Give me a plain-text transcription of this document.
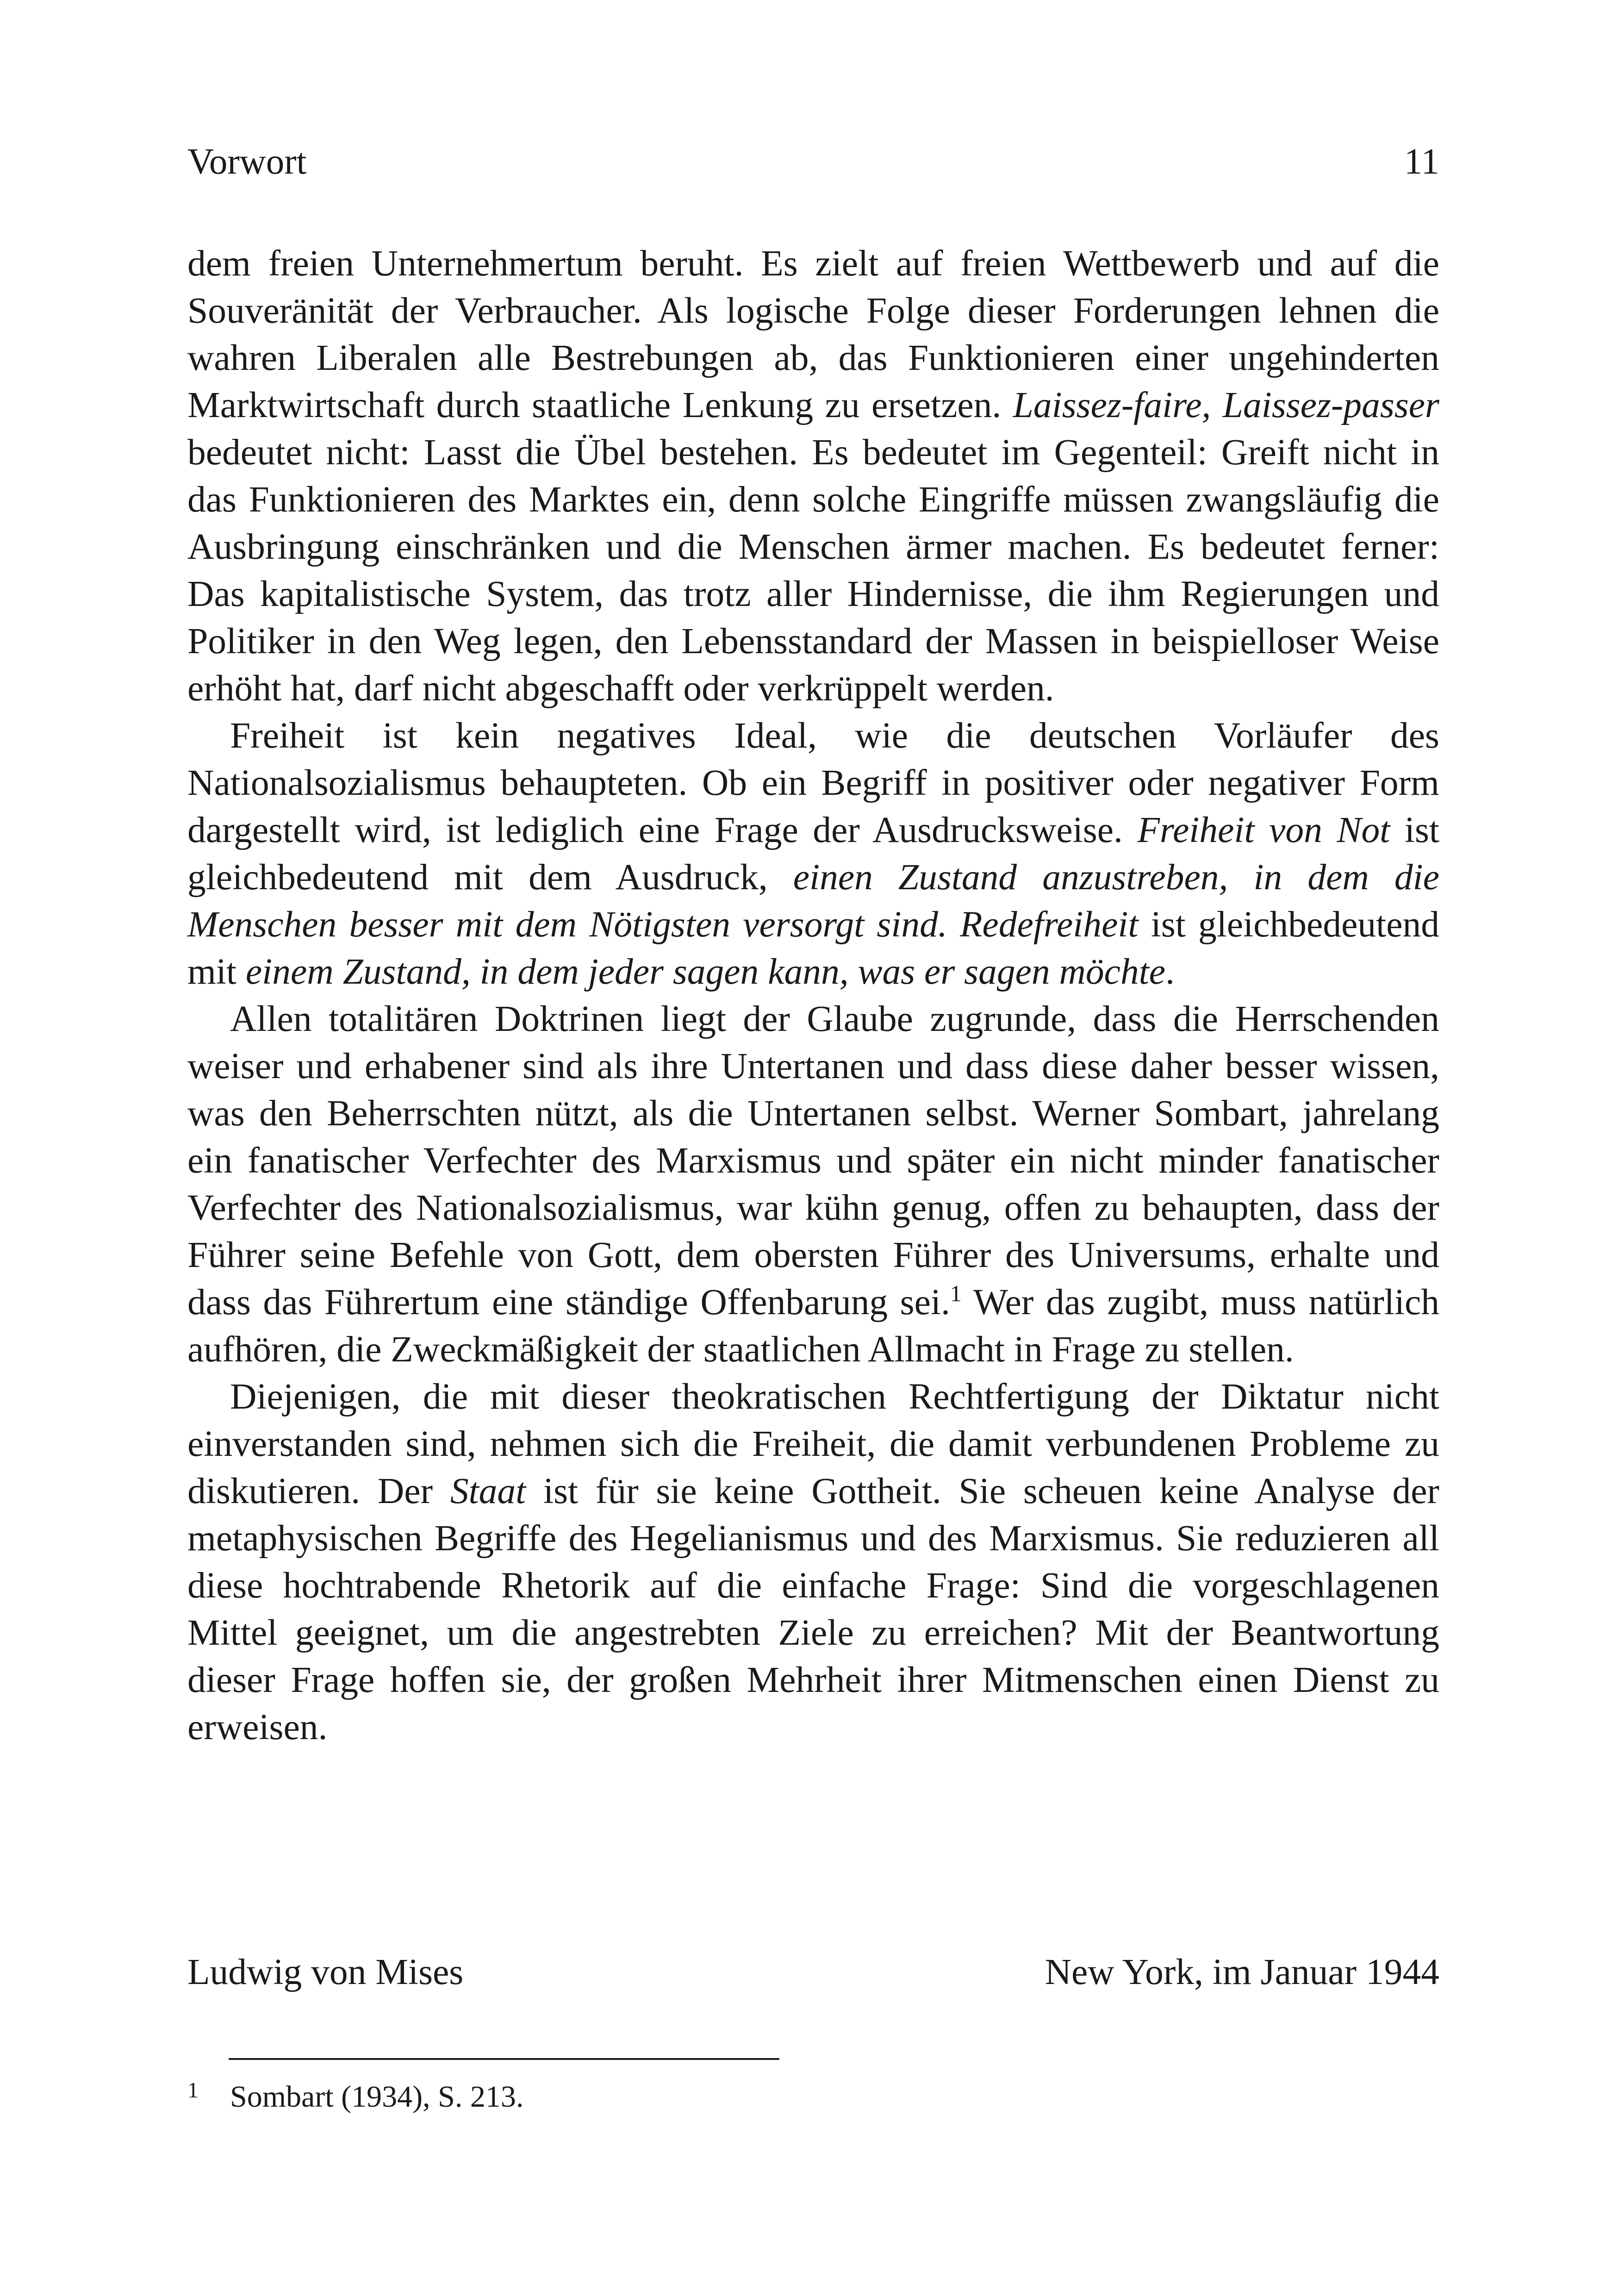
Vorwort	11

dem freien Unternehmertum beruht. Es zielt auf freien Wettbewerb und auf die Souveränität der Verbraucher. Als logische Folge dieser Forderungen lehnen die wahren Liberalen alle Bestrebungen ab, das Funktionieren einer ungehinderten Marktwirtschaft durch staatliche Lenkung zu ersetzen. Laissez-faire, Laissez-passer bedeutet nicht: Lasst die Übel bestehen. Es bedeutet im Gegenteil: Greift nicht in das Funktionieren des Marktes ein, denn solche Eingriffe müssen zwangsläufig die Ausbringung einschränken und die Menschen ärmer machen. Es bedeutet ferner: Das kapitalistische System, das trotz aller Hindernisse, die ihm Regierungen und Politiker in den Weg legen, den Lebensstandard der Massen in beispielloser Weise erhöht hat, darf nicht abgeschafft oder verkrüppelt werden.

Freiheit ist kein negatives Ideal, wie die deutschen Vorläufer des Nationalsozialismus behaupteten. Ob ein Begriff in positiver oder negativer Form dargestellt wird, ist lediglich eine Frage der Ausdrucksweise. Freiheit von Not ist gleichbedeutend mit dem Ausdruck, einen Zustand anzustreben, in dem die Menschen besser mit dem Nötigsten versorgt sind. Redefreiheit ist gleichbedeutend mit einem Zustand, in dem jeder sagen kann, was er sagen möchte.

Allen totalitären Doktrinen liegt der Glaube zugrunde, dass die Herrschenden weiser und erhabener sind als ihre Untertanen und dass diese daher besser wissen, was den Beherrschten nützt, als die Untertanen selbst. Werner Sombart, jahrelang ein fanatischer Verfechter des Marxismus und später ein nicht minder fanatischer Verfechter des Nationalsozialismus, war kühn genug, offen zu behaupten, dass der Führer seine Befehle von Gott, dem obersten Führer des Universums, erhalte und dass das Führertum eine ständige Offenbarung sei.$^1$ Wer das zugibt, muss natürlich aufhören, die Zweckmäßigkeit der staatlichen Allmacht in Frage zu stellen.

Diejenigen, die mit dieser theokratischen Rechtfertigung der Diktatur nicht einverstanden sind, nehmen sich die Freiheit, die damit verbundenen Probleme zu diskutieren. Der Staat ist für sie keine Gottheit. Sie scheuen keine Analyse der metaphysischen Begriffe des Hegelianismus und des Marxismus. Sie reduzieren all diese hochtrabende Rhetorik auf die einfache Frage: Sind die vorgeschlagenen Mittel geeignet, um die angestrebten Ziele zu erreichen? Mit der Beantwortung dieser Frage hoffen sie, der großen Mehrheit ihrer Mitmenschen einen Dienst zu erweisen.

Ludwig von Mises	New York, im Januar 1944
1 Sombart (1934), S. 213.
